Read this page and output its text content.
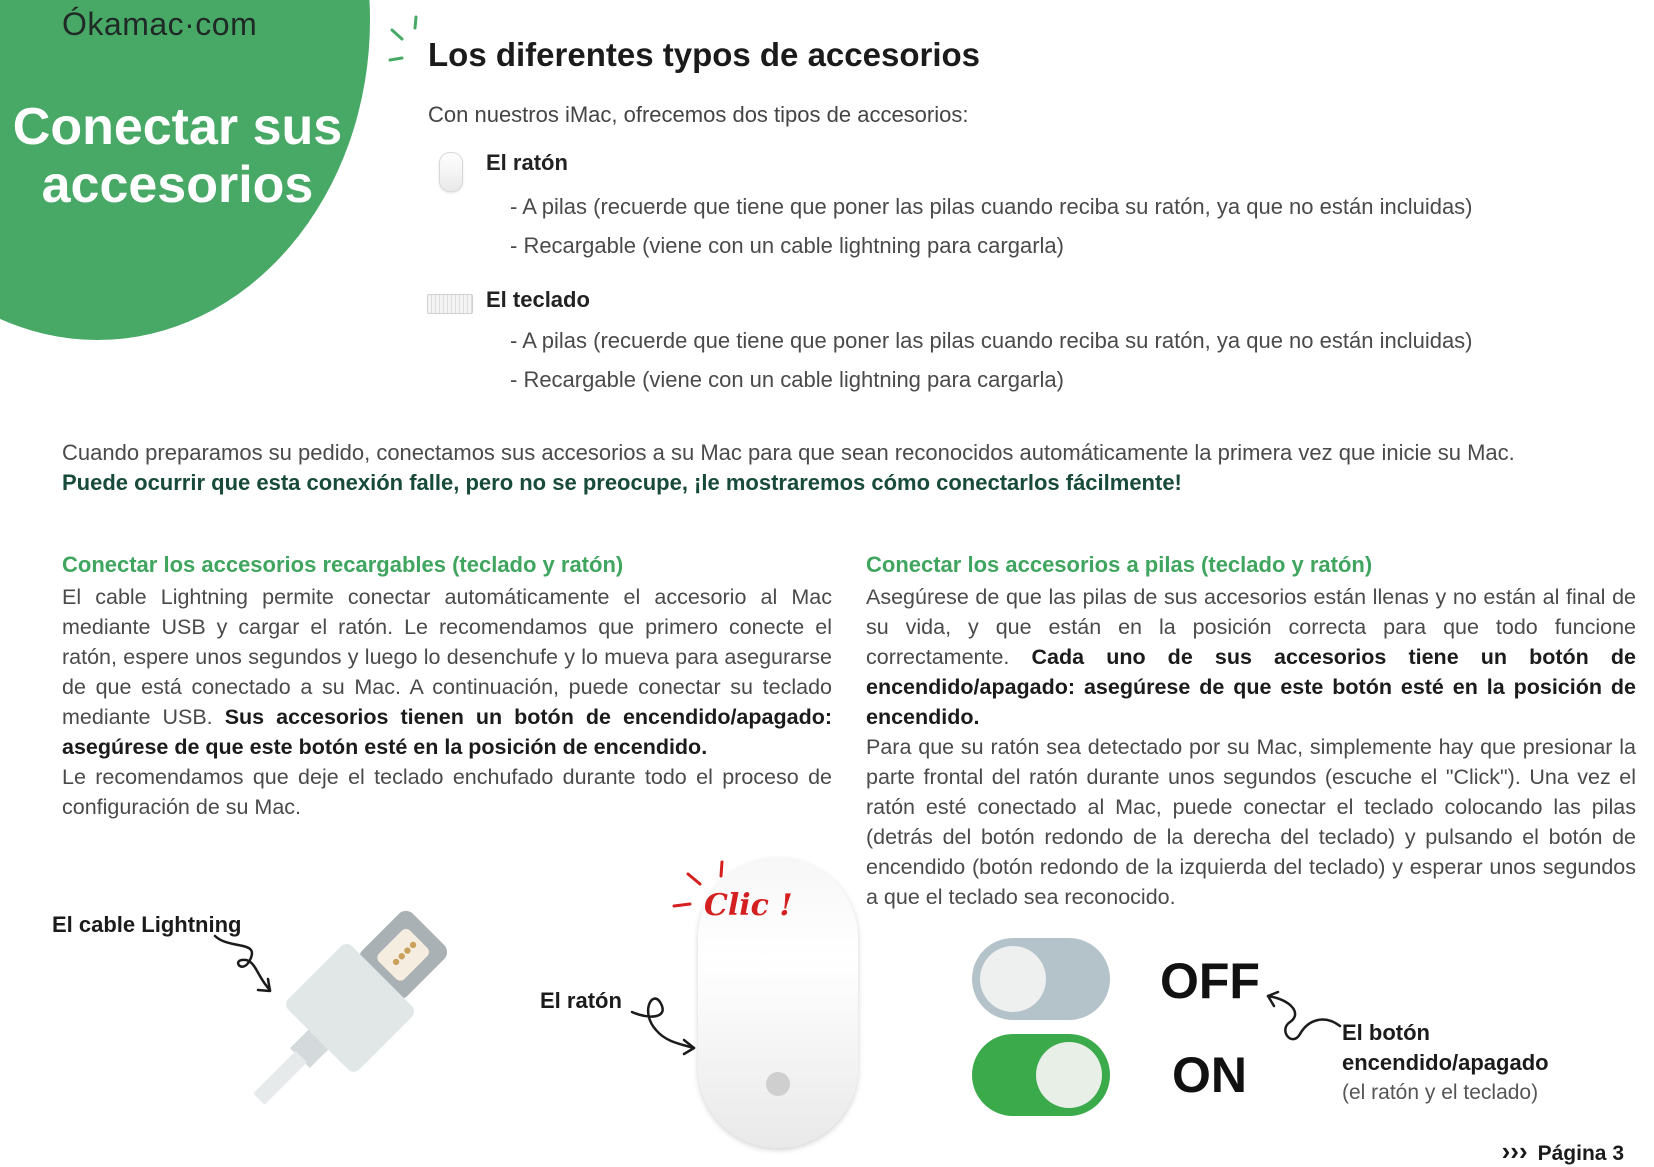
Ókamac·com
Conectar sus
accesorios
Los diferentes typos de accesorios
Con nuestros iMac, ofrecemos dos tipos de accesorios:
El ratón
- A pilas (recuerde que tiene que poner las pilas cuando reciba su ratón, ya que no están incluidas)
- Recargable (viene con un cable lightning para cargarla)
El teclado
- A pilas (recuerde que tiene que poner las pilas cuando reciba su ratón, ya que no están incluidas)
- Recargable (viene con un cable lightning para cargarla)
Cuando preparamos su pedido, conectamos sus accesorios a su Mac para que sean reconocidos automáticamente la primera vez que inicie su Mac.
Puede ocurrir que esta conexión falle, pero no se preocupe, ¡le mostraremos cómo conectarlos fácilmente!
Conectar los accesorios recargables (teclado y ratón)
El cable Lightning permite conectar automáticamente el accesorio al Mac mediante USB y cargar el ratón. Le recomendamos que primero conecte el ratón, espere unos segundos y luego lo desenchufe y lo mueva para asegurarse de que está conectado a su Mac. A continuación, puede conectar su teclado mediante USB. Sus accesorios tienen un botón de encendido/apagado: asegúrese de que este botón esté en la posición de encendido.
Le recomendamos que deje el teclado enchufado durante todo el proceso de configuración de su Mac.
Conectar los accesorios a pilas (teclado y ratón)
Asegúrese de que las pilas de sus accesorios están llenas y no están al final de su vida, y que están en la posición correcta para que todo funcione correctamente. Cada uno de sus accesorios tiene un botón de encendido/apagado: asegúrese de que este botón esté en la posición de encendido.
Para que su ratón sea detectado por su Mac, simplemente hay que presionar la parte frontal del ratón durante unos segundos (escuche el "Click"). Una vez el ratón esté conectado al Mac, puede conectar el teclado colocando las pilas (detrás del botón redondo de la derecha del teclado) y pulsando el botón de encendido (botón redondo de la izquierda del teclado) y esperar unos segundos a que el teclado sea reconocido.
El cable Lightning
El ratón
Clic !
OFF
ON
El botón
encendido/apagado
(el ratón y el teclado)
››› Página 3
